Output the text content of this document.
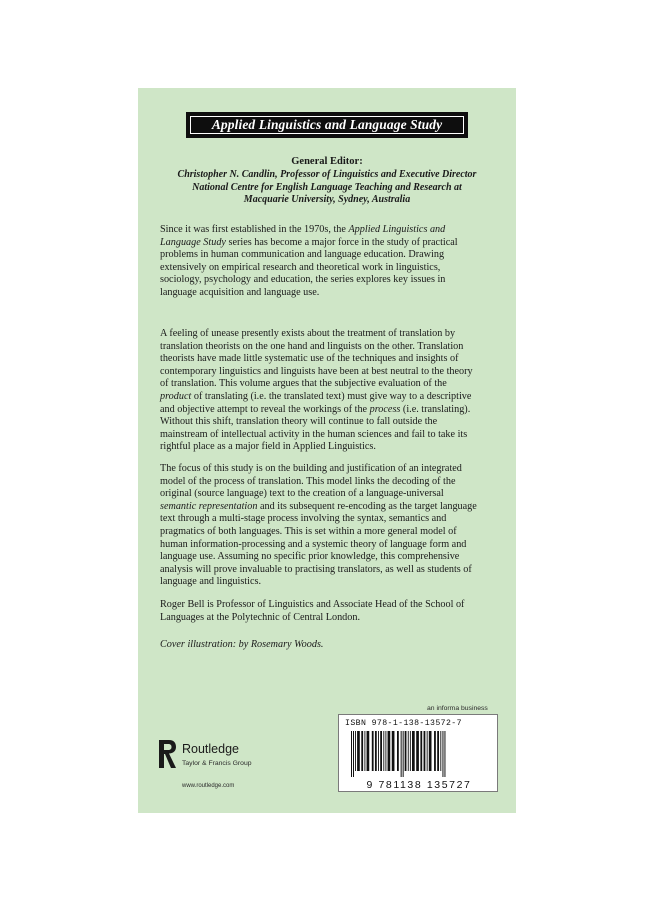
Applied Linguistics and Language Study
General Editor:
Christopher N. Candlin, Professor of Linguistics and Executive Director National Centre for English Language Teaching and Research at Macquarie University, Sydney, Australia
Since it was first established in the 1970s, the Applied Linguistics and Language Study series has become a major force in the study of practical problems in human communication and language education. Drawing extensively on empirical research and theoretical work in linguistics, sociology, psychology and education, the series explores key issues in language acquisition and language use.
A feeling of unease presently exists about the treatment of translation by translation theorists on the one hand and linguists on the other. Translation theorists have made little systematic use of the techniques and insights of contemporary linguistics and linguists have been at best neutral to the theory of translation. This volume argues that the subjective evaluation of the product of translating (i.e. the translated text) must give way to a descriptive and objective attempt to reveal the workings of the process (i.e. translating). Without this shift, translation theory will continue to fall outside the mainstream of intellectual activity in the human sciences and fail to take its rightful place as a major field in Applied Linguistics.
The focus of this study is on the building and justification of an integrated model of the process of translation. This model links the decoding of the original (source language) text to the creation of a language-universal semantic representation and its subsequent re-encoding as the target language text through a multi-stage process involving the syntax, semantics and pragmatics of both languages. This is set within a more general model of human information-processing and a systemic theory of language form and language use. Assuming no specific prior knowledge, this comprehensive analysis will prove invaluable to practising translators, as well as students of language and linguistics.
Roger Bell is Professor of Linguistics and Associate Head of the School of Languages at the Polytechnic of Central London.
Cover illustration: by Rosemary Woods.
an informa business
ISBN 978-1-138-13572-7
9 781138 135727
Routledge
Taylor & Francis Group
www.routledge.com
